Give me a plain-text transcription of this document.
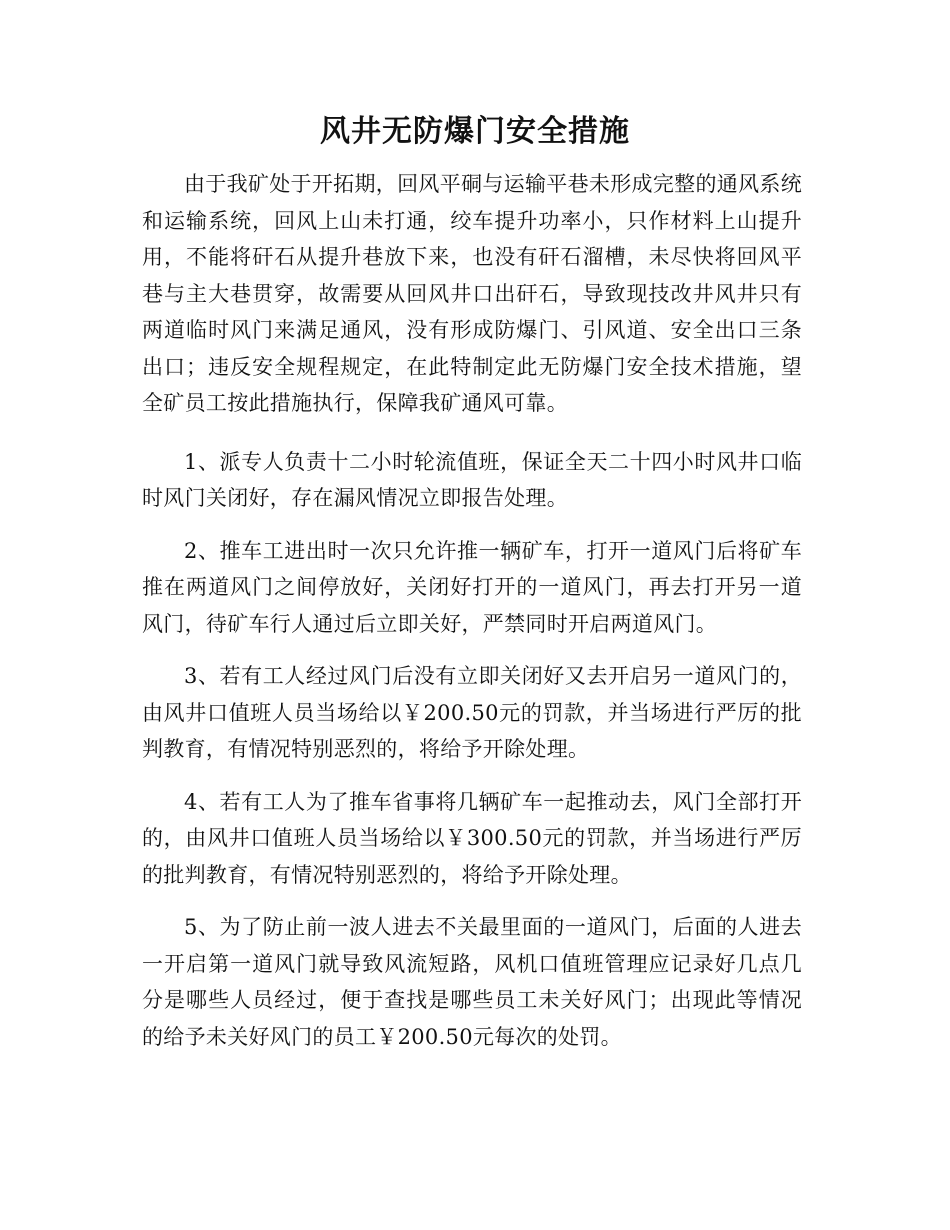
风井无防爆门安全措施

由于我矿处于开拓期，回风平硐与运输平巷未形成完整的通风系统和运输系统，回风上山未打通，绞车提升功率小，只作材料上山提升用，不能将矸石从提升巷放下来，也没有矸石溜槽，未尽快将回风平巷与主大巷贯穿，故需要从回风井口出矸石，导致现技改井风井只有两道临时风门来满足通风，没有形成防爆门、引风道、安全出口三条出口；违反安全规程规定，在此特制定此无防爆门安全技术措施，望全矿员工按此措施执行，保障我矿通风可靠。

1、派专人负责十二小时轮流值班，保证全天二十四小时风井口临时风门关闭好，存在漏风情况立即报告处理。

2、推车工进出时一次只允许推一辆矿车，打开一道风门后将矿车推在两道风门之间停放好，关闭好打开的一道风门，再去打开另一道风门，待矿车行人通过后立即关好，严禁同时开启两道风门。

3、若有工人经过风门后没有立即关闭好又去开启另一道风门的，由风井口值班人员当场给以￥200.50元的罚款，并当场进行严厉的批判教育，有情况特别恶烈的，将给予开除处理。

4、若有工人为了推车省事将几辆矿车一起推动去，风门全部打开的，由风井口值班人员当场给以￥300.50元的罚款，并当场进行严厉的批判教育，有情况特别恶烈的，将给予开除处理。

5、为了防止前一波人进去不关最里面的一道风门，后面的人进去一开启第一道风门就导致风流短路，风机口值班管理应记录好几点几分是哪些人员经过，便于查找是哪些员工未关好风门；出现此等情况的给予未关好风门的员工￥200.50元每次的处罚。
